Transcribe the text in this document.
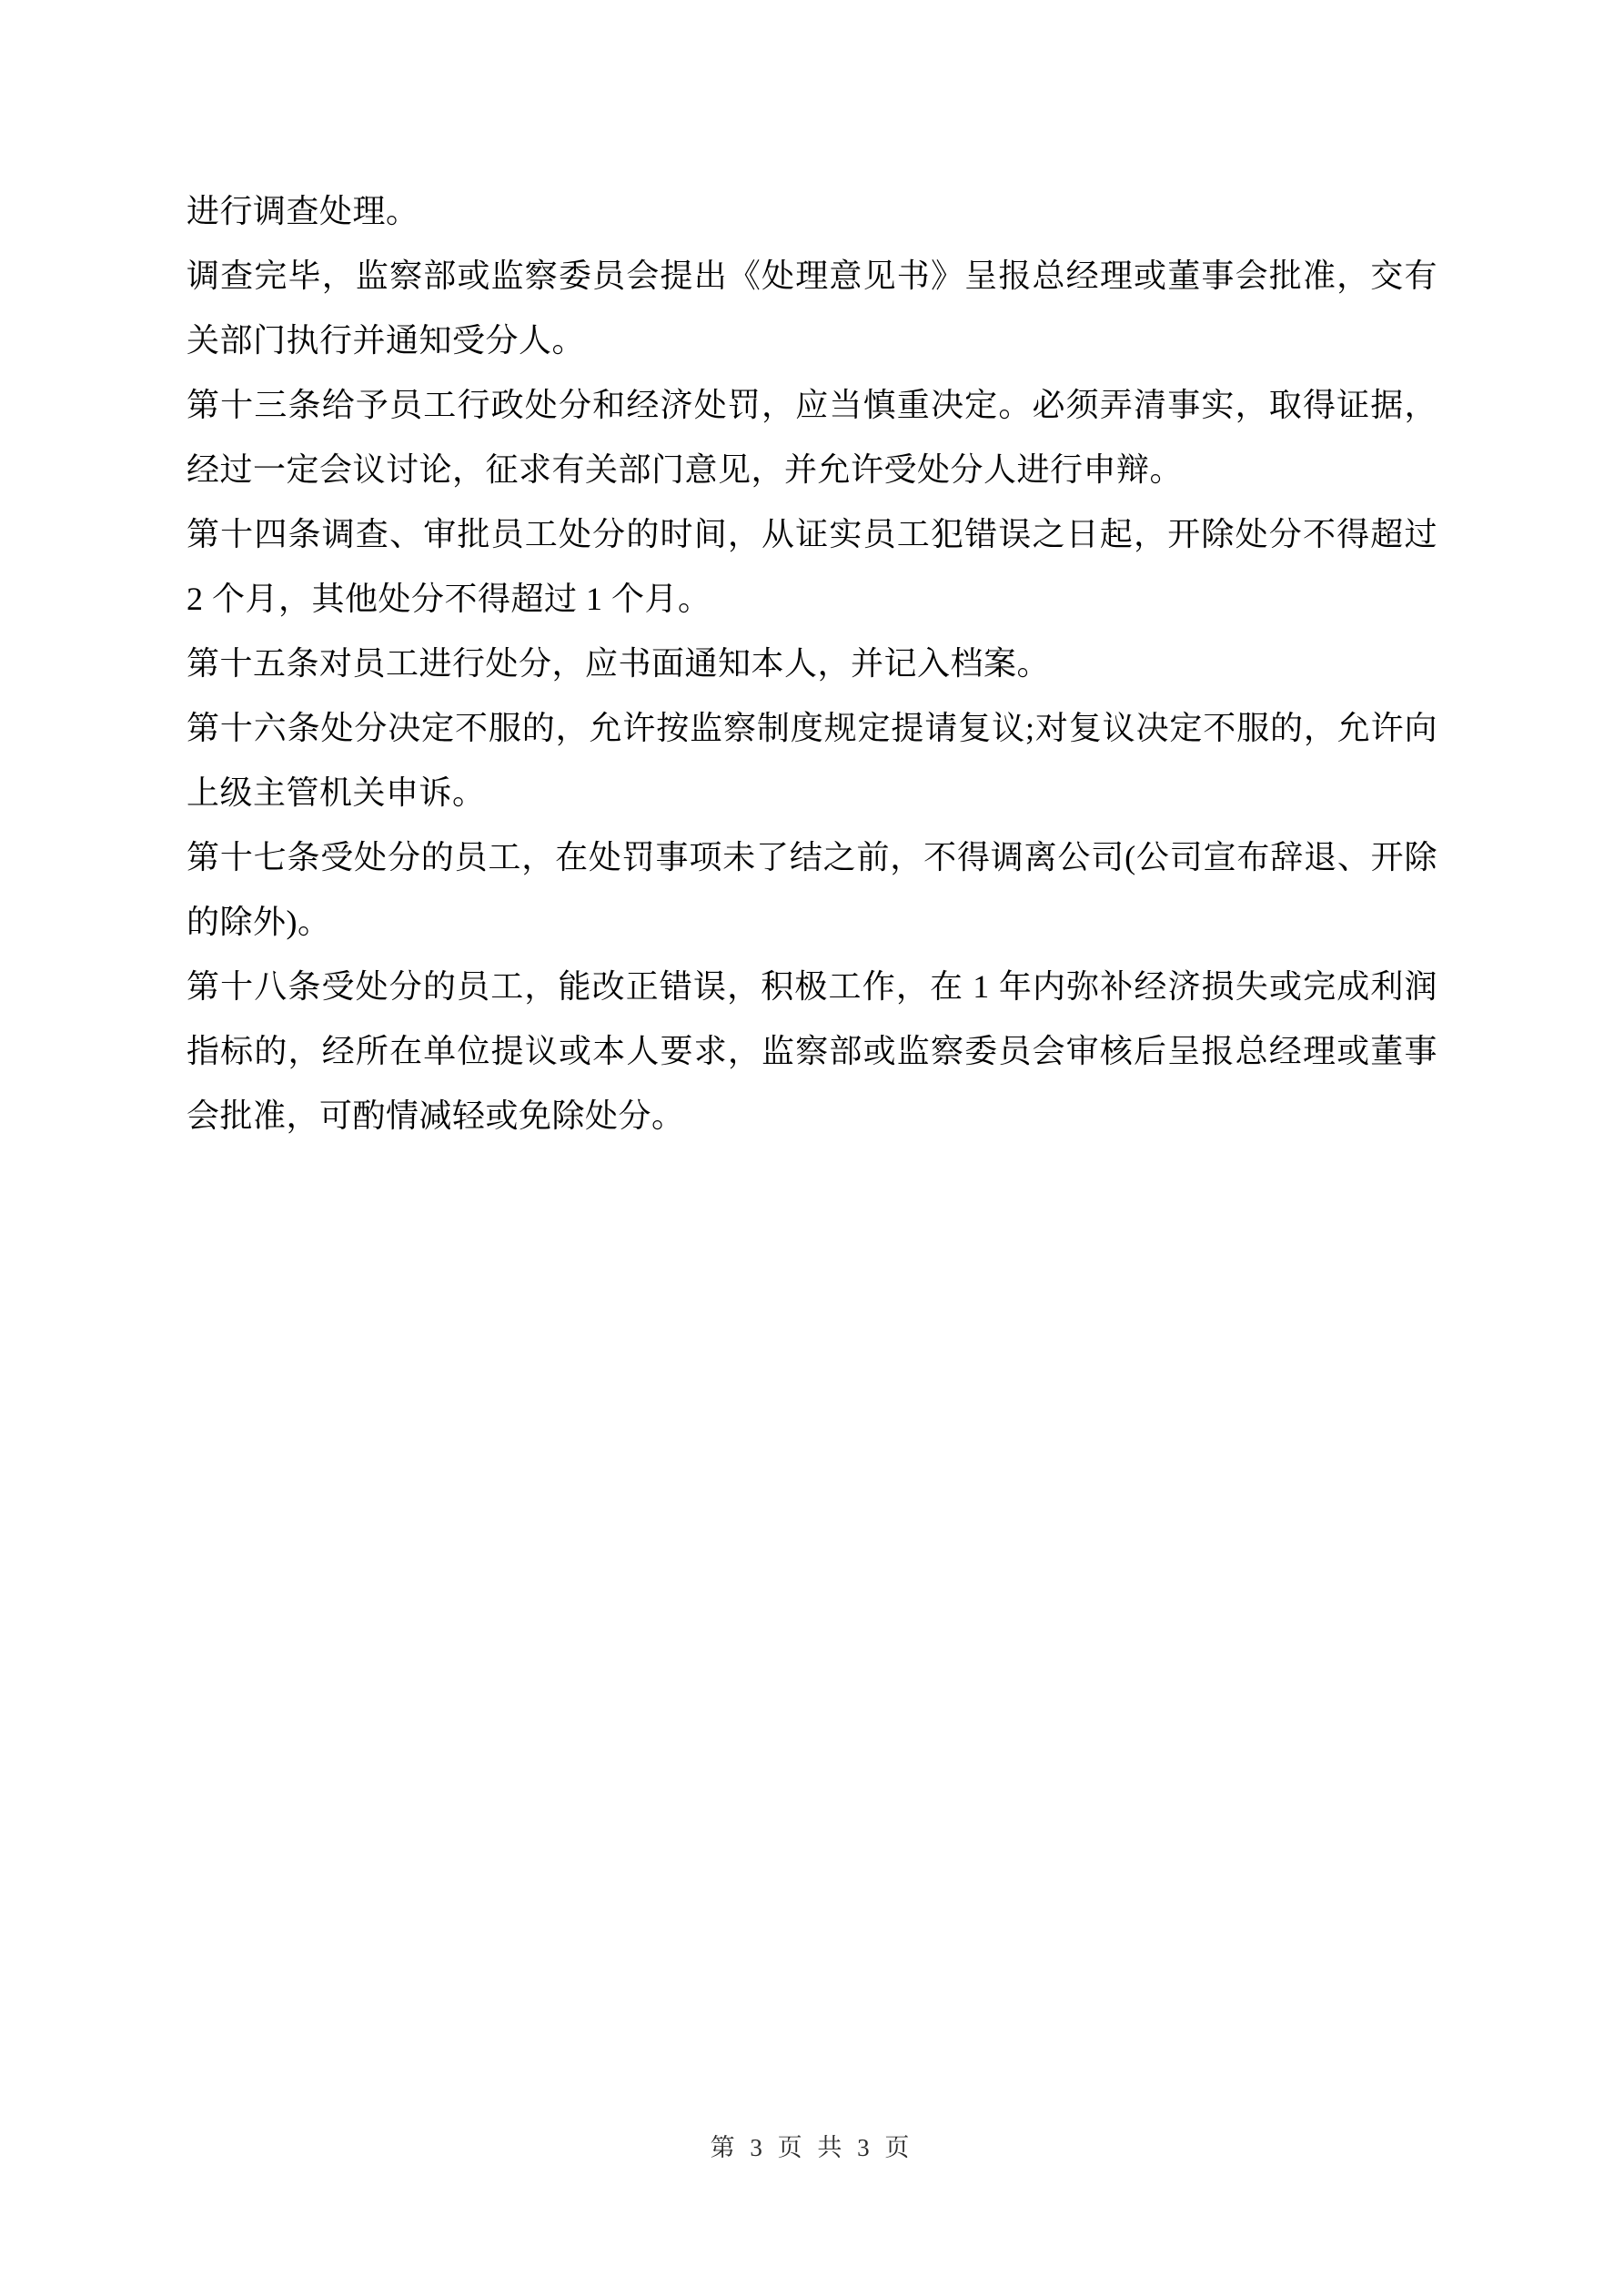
进行调查处理。

调查完毕，监察部或监察委员会提出《处理意见书》呈报总经理或董事会批准，交有关部门执行并通知受分人。

第十三条给予员工行政处分和经济处罚，应当慎重决定。必须弄清事实，取得证据，经过一定会议讨论，征求有关部门意见，并允许受处分人进行申辩。

第十四条调查、审批员工处分的时间，从证实员工犯错误之日起，开除处分不得超过 2 个月，其他处分不得超过 1 个月。

第十五条对员工进行处分，应书面通知本人，并记入档案。

第十六条处分决定不服的，允许按监察制度规定提请复议;对复议决定不服的，允许向上级主管机关申诉。

第十七条受处分的员工，在处罚事项未了结之前，不得调离公司(公司宣布辞退、开除的除外)。

第十八条受处分的员工，能改正错误，积极工作，在 1 年内弥补经济损失或完成利润指标的，经所在单位提议或本人要求，监察部或监察委员会审核后呈报总经理或董事会批准，可酌情减轻或免除处分。

第 3 页 共 3 页
